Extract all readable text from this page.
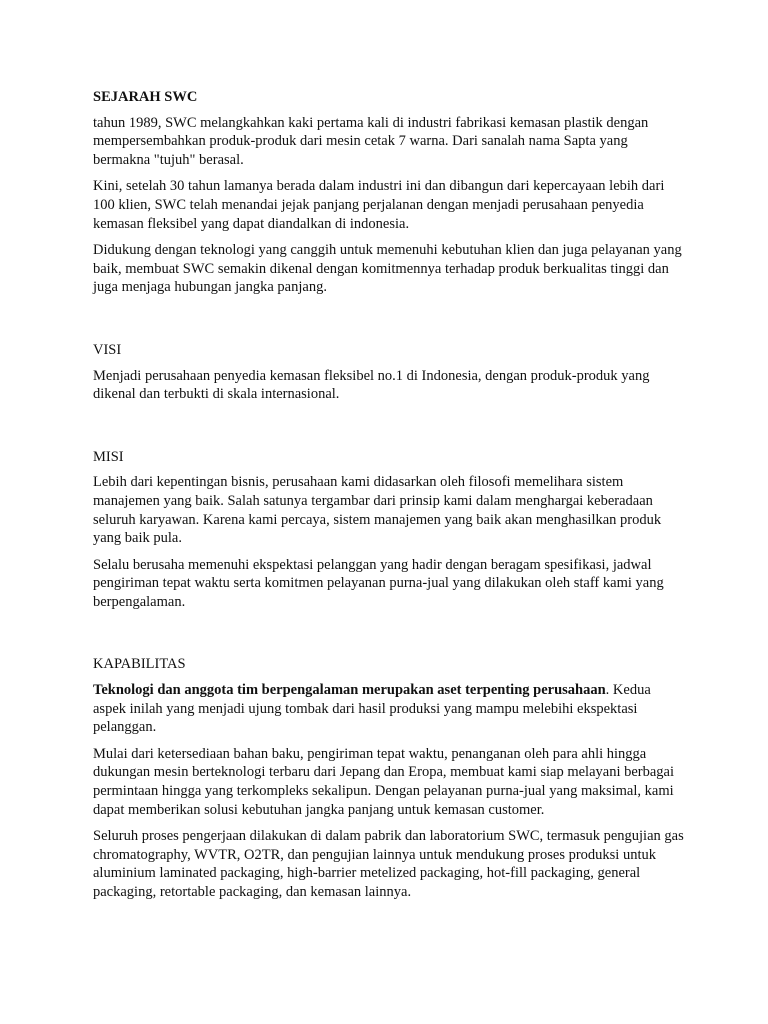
SEJARAH SWC

tahun 1989, SWC melangkahkan kaki pertama kali di industri fabrikasi kemasan plastik dengan mempersembahkan produk-produk dari mesin cetak 7 warna. Dari sanalah nama Sapta yang bermakna "tujuh" berasal.

Kini, setelah 30 tahun lamanya berada dalam industri ini dan dibangun dari kepercayaan lebih dari 100 klien, SWC telah menandai jejak panjang perjalanan dengan menjadi perusahaan penyedia kemasan fleksibel yang dapat diandalkan di indonesia.

Didukung dengan teknologi yang canggih untuk memenuhi kebutuhan klien dan juga pelayanan yang baik, membuat SWC semakin dikenal dengan komitmennya terhadap produk berkualitas tinggi dan juga menjaga hubungan jangka panjang.

VISI

Menjadi perusahaan penyedia kemasan fleksibel no.1 di Indonesia, dengan produk-produk yang dikenal dan terbukti di skala internasional.

MISI

Lebih dari kepentingan bisnis, perusahaan kami didasarkan oleh filosofi memelihara sistem manajemen yang baik. Salah satunya tergambar dari prinsip kami dalam menghargai keberadaan seluruh karyawan. Karena kami percaya, sistem manajemen yang baik akan menghasilkan produk yang baik pula.

Selalu berusaha memenuhi ekspektasi pelanggan yang hadir dengan beragam spesifikasi, jadwal pengiriman tepat waktu serta komitmen pelayanan purna-jual yang dilakukan oleh staff kami yang berpengalaman.

KAPABILITAS

Teknologi dan anggota tim berpengalaman merupakan aset terpenting perusahaan. Kedua aspek inilah yang menjadi ujung tombak dari hasil produksi yang mampu melebihi ekspektasi pelanggan.

Mulai dari ketersediaan bahan baku, pengiriman tepat waktu, penanganan oleh para ahli hingga dukungan mesin berteknologi terbaru dari Jepang dan Eropa, membuat kami siap melayani berbagai permintaan hingga yang terkompleks sekalipun. Dengan pelayanan purna-jual yang maksimal, kami dapat memberikan solusi kebutuhan jangka panjang untuk kemasan customer.

Seluruh proses pengerjaan dilakukan di dalam pabrik dan laboratorium SWC, termasuk pengujian gas chromatography, WVTR, O2TR, dan pengujian lainnya untuk mendukung proses produksi untuk aluminium laminated packaging, high-barrier metelized packaging, hot-fill packaging, general packaging, retortable packaging, dan kemasan lainnya.
